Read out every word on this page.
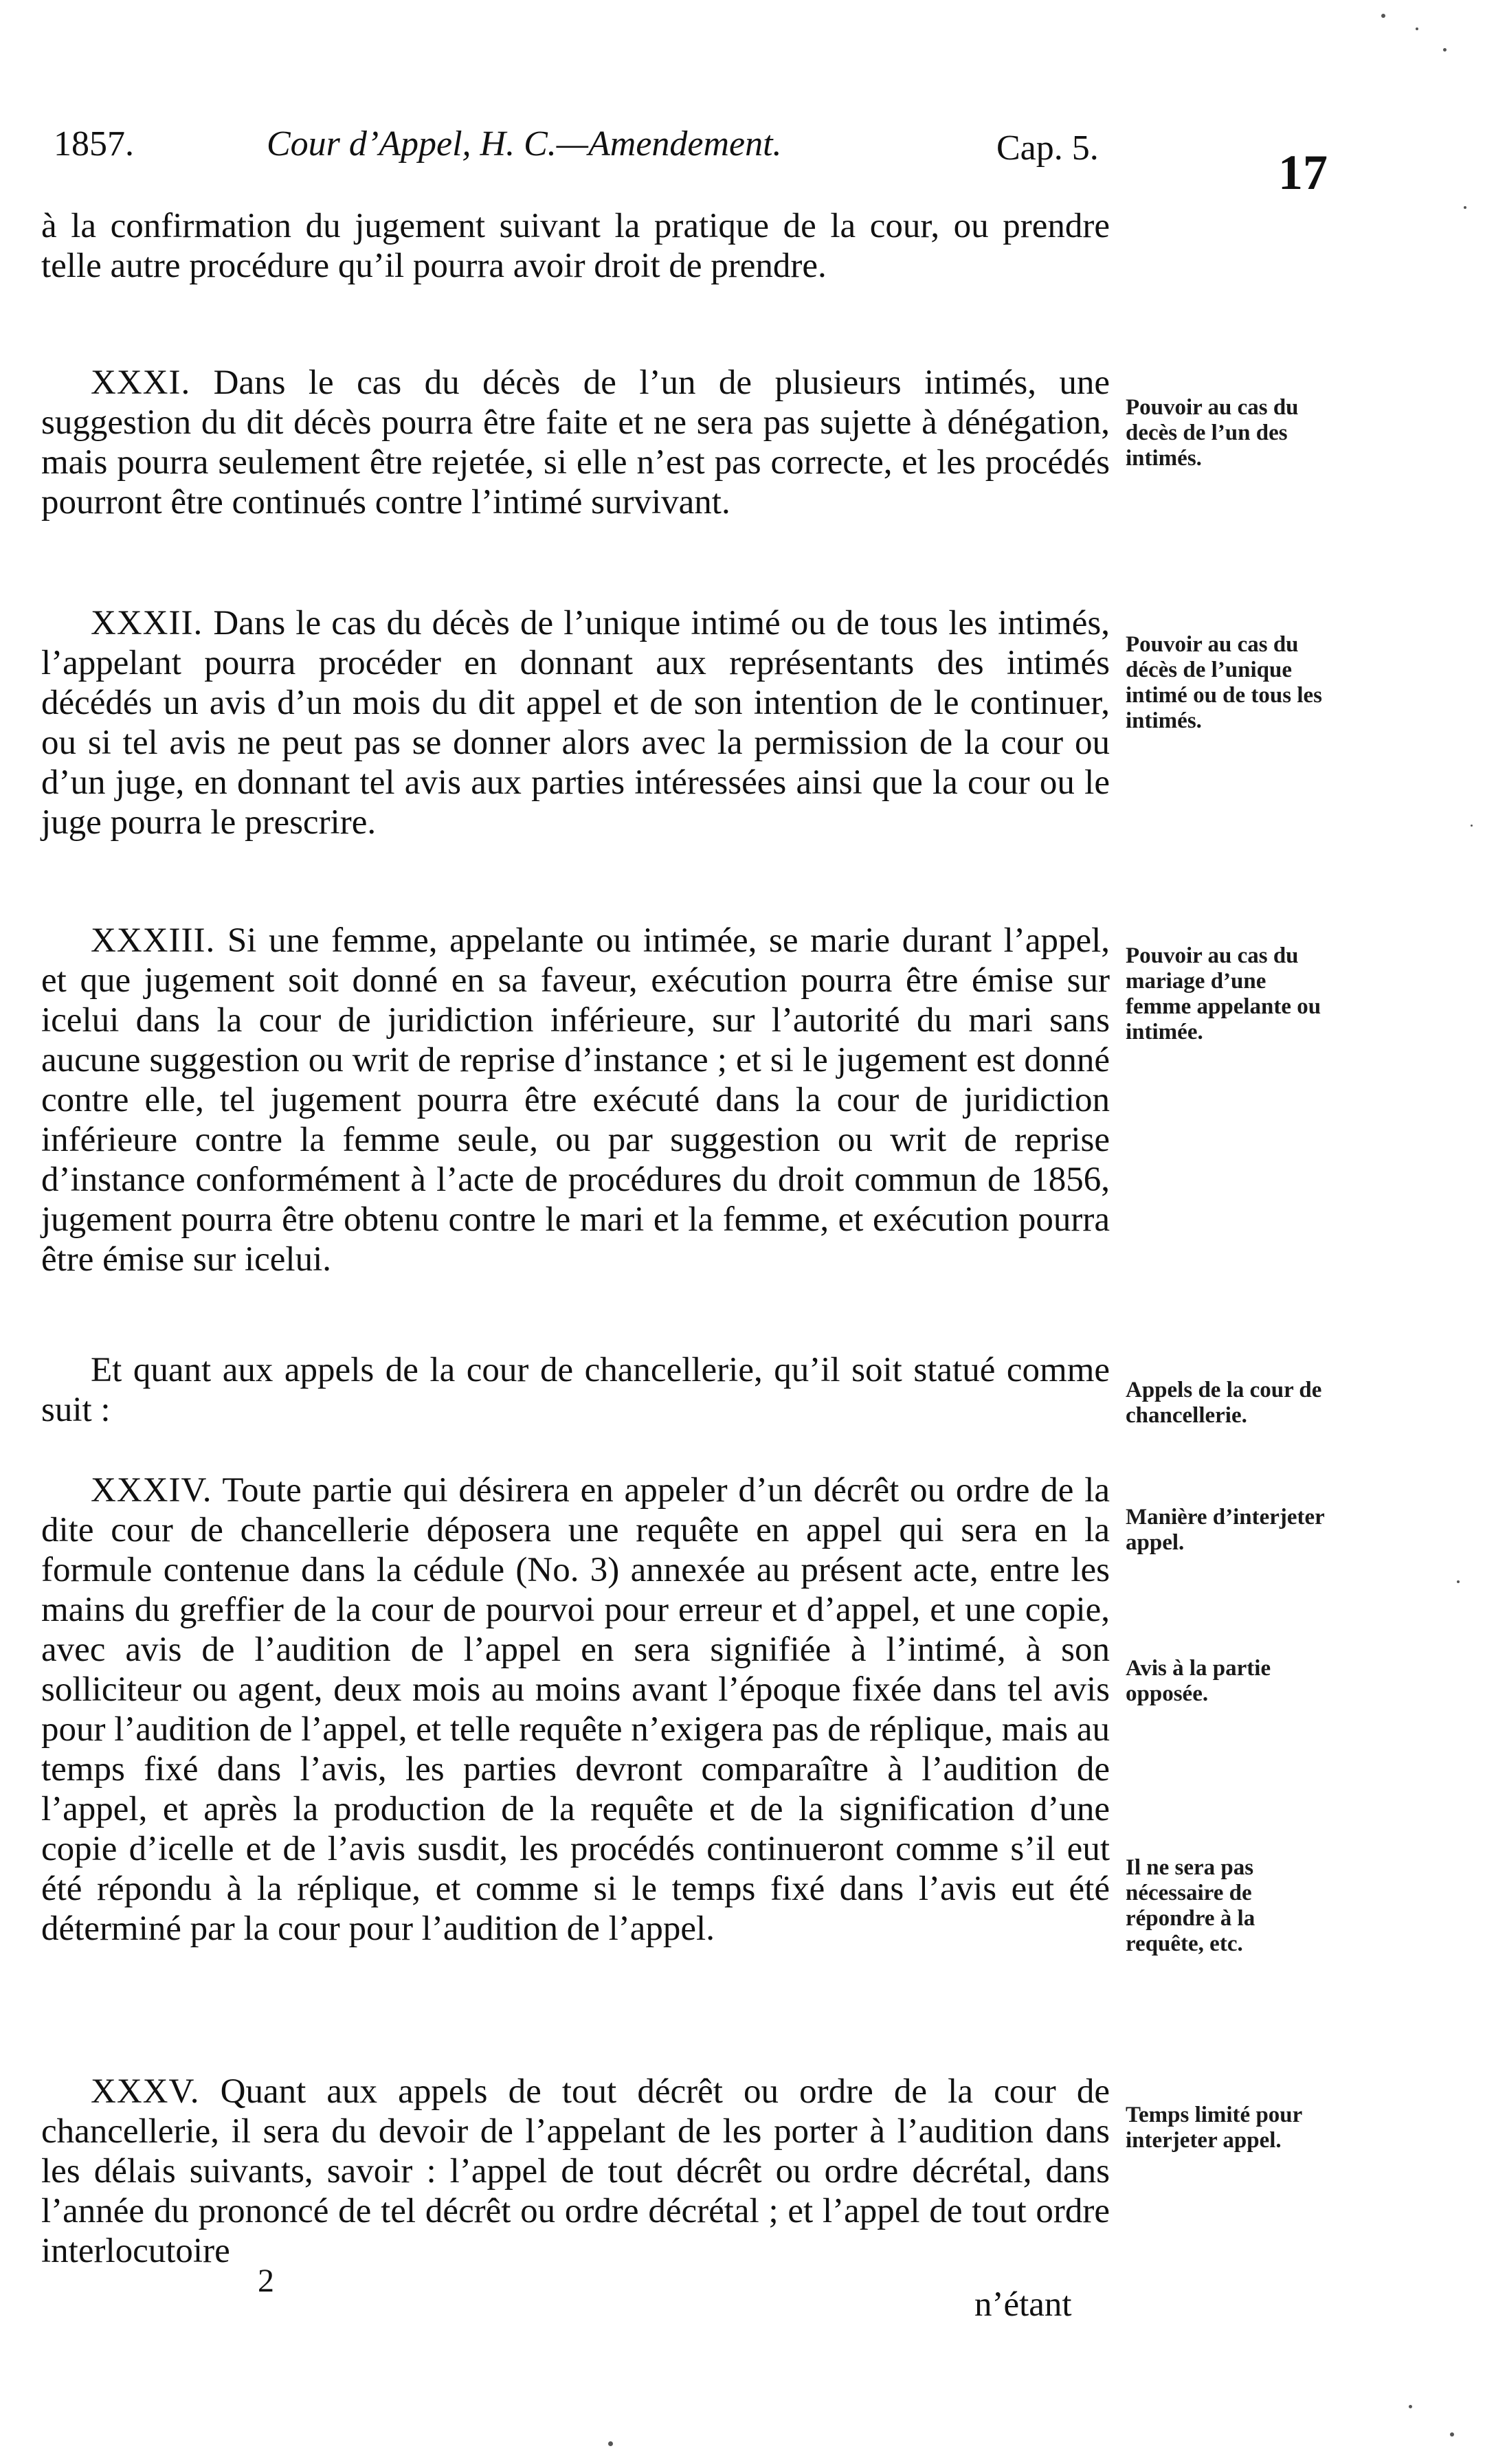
1857.	Cour d’Appel, H. C.—Amendement.	Cap. 5.	17

à la confirmation du jugement suivant la pratique de la cour, ou prendre telle autre procédure qu’il pourra avoir droit de prendre.

XXXI. Dans le cas du décès de l’un de plusieurs intimés, une suggestion du dit décès pourra être faite et ne sera pas sujette à dénégation, mais pourra seulement être rejetée, si elle n’est pas correcte, et les procédés pourront être continués contre l’intimé survivant.

Pouvoir au cas du decès de l’un des intimés.

XXXII. Dans le cas du décès de l’unique intimé ou de tous les intimés, l’appelant pourra procéder en donnant aux représentants des intimés décédés un avis d’un mois du dit appel et de son intention de le continuer, ou si tel avis ne peut pas se donner alors avec la permission de la cour ou d’un juge, en donnant tel avis aux parties intéressées ainsi que la cour ou le juge pourra le prescrire.

Pouvoir au cas du décès de l’unique intimé ou de tous les intimés.

XXXIII. Si une femme, appelante ou intimée, se marie durant l’appel, et que jugement soit donné en sa faveur, exécution pourra être émise sur icelui dans la cour de juridiction inférieure, sur l’autorité du mari sans aucune suggestion ou writ de reprise d’instance ; et si le jugement est donné contre elle, tel jugement pourra être exécuté dans la cour de juridiction inférieure contre la femme seule, ou par suggestion ou writ de reprise d’instance conformément à l’acte de procédures du droit commun de 1856, jugement pourra être obtenu contre le mari et la femme, et exécution pourra être émise sur icelui.

Pouvoir au cas du mariage d’une femme appelante ou intimée.

Et quant aux appels de la cour de chancellerie, qu’il soit statué comme suit :

Appels de la cour de chancellerie.

XXXIV. Toute partie qui désirera en appeler d’un décrêt ou ordre de la dite cour de chancellerie déposera une requête en appel qui sera en la formule contenue dans la cédule (No. 3) annexée au présent acte, entre les mains du greffier de la cour de pourvoi pour erreur et d’appel, et une copie, avec avis de l’audition de l’appel en sera signifiée à l’intimé, à son solliciteur ou agent, deux mois au moins avant l’époque fixée dans tel avis pour l’audition de l’appel, et telle requête n’exigera pas de réplique, mais au temps fixé dans l’avis, les parties devront comparaître à l’audition de l’appel, et après la production de la requête et de la signification d’une copie d’icelle et de l’avis susdit, les procédés continueront comme s’il eut été répondu à la réplique, et comme si le temps fixé dans l’avis eut été déterminé par la cour pour l’audition de l’appel.

Manière d’interjeter appel.
Avis à la partie opposée.
Il ne sera pas nécessaire de répondre à la requête, etc.

XXXV. Quant aux appels de tout décrêt ou ordre de la cour de chancellerie, il sera du devoir de l’appelant de les porter à l’audition dans les délais suivants, savoir : l’appel de tout décrêt ou ordre décrétal, dans l’année du prononcé de tel décrêt ou ordre décrétal ; et l’appel de tout ordre interlocutoire

Temps limité pour interjeter appel.
2
n’étant
